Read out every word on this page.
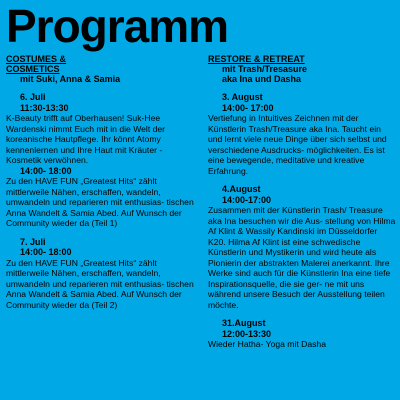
Programm
COSTUMES &
COSMETICS
mit Suki, Anna & Samia
6. Juli
11:30-13:30

K-Beauty trifft auf Oberhausen! Suk-Hee Wardenski nimmt Euch mit in die Welt der koreanische Hautpflege. Ihr könnt Atomy kennenlernen und Ihre Haut mit Kräuter - Kosmetik verwöhnen.

14:00- 18:00

Zu den HAVE FUN „Greatest Hits“ zählt mittlerweile Nähen, erschaffen, wandeln, umwandeln und reparieren mit enthusias- tischen Anna Wandelt & Samia Abed. Auf Wunsch der Community wieder da (Teil 1)

7. Juli
14:00- 18:00

Zu den HAVE FUN „Greatest Hits“ zählt mittlerweile Nähen, erschaffen, wandeln, umwandeln und reparieren mit enthusias- tischen Anna Wandelt & Samia Abed. Auf Wunsch der Community wieder da (Teil 2)

RESTORE & RETREAT
mit Trash/Tresasure
aka Ina und Dasha
3. August
14:00- 17:00

Vertiefung in Intuitives Zeichnen mit der Künstlerin Trash/Treasure aka Ina. Taucht ein und lernt viele neue Dinge über sich selbst und verschiedene Ausdrucks- möglichkeiten. Es ist eine bewegende, meditative und kreative Erfahrung.

4.August
14:00-17:00

Zusammen mit der Künstlerin Trash/ Treasure aka Ina besuchen wir die Aus- stellung von Hilma Af Klint & Wassily Kandinski im Düsseldorfer K20. Hilma Af Klint ist eine schwedische Künstlerin und Mystikerin und wird heute als Pionierin der abstrakten Malerei anerkannt. Ihre Werke sind auch für die Künstlerin Ina eine tiefe Inspirationsquelle, die sie ger- ne mit uns während unsere Besuch der Ausstellung teilen möchte.

31.August
12:00-13:30

Wieder Hatha- Yoga mit Dasha
